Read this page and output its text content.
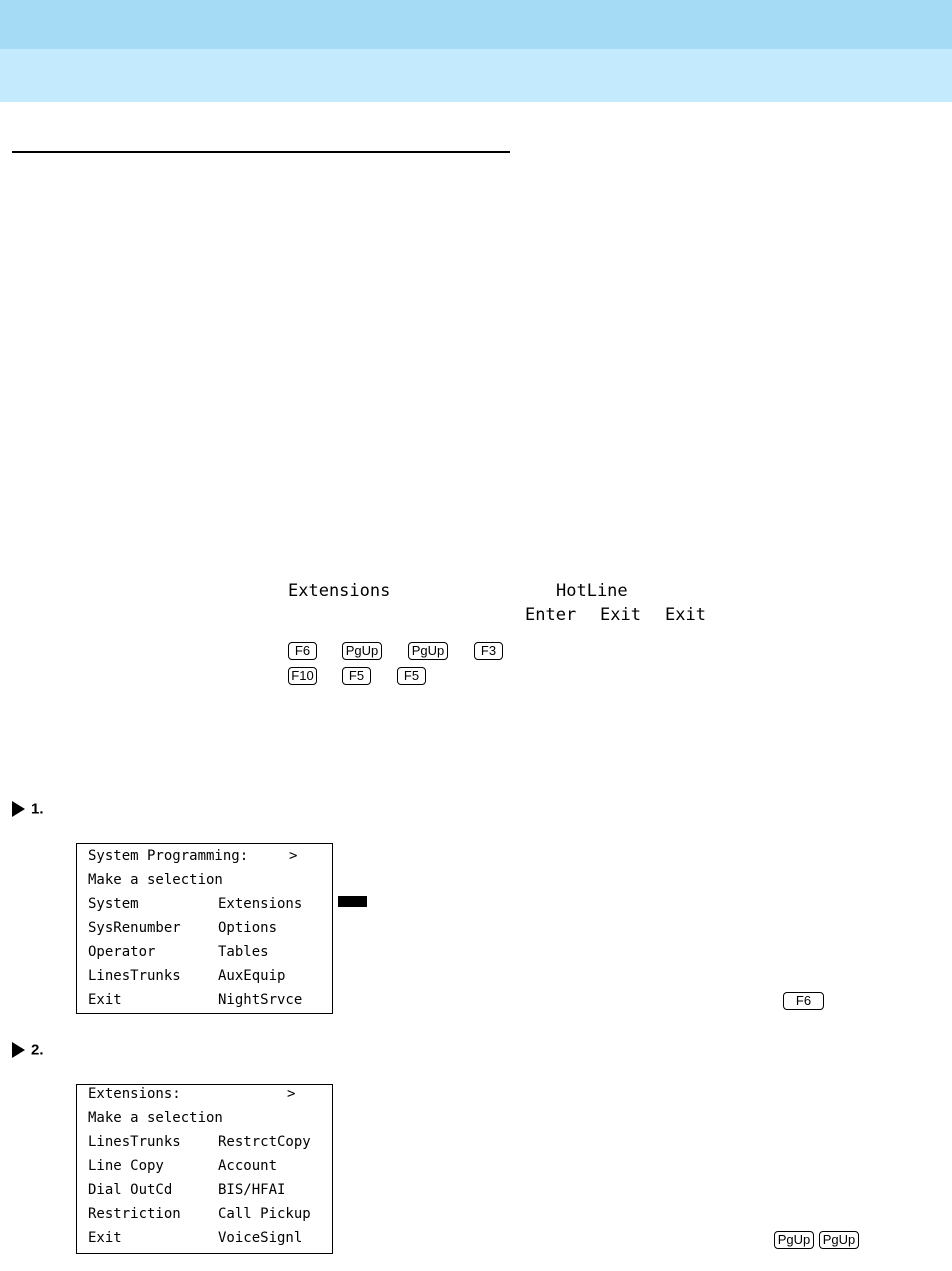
Extensions	HotLine
Enter Exit Exit
F6	PgUp	PgUp	F3
F10	F5	F5
1.
System Programming:	>
Make a selection
System	Extensions
SysRenumber	Options
Operator	Tables
LinesTrunks	AuxEquip
Exit	NightSrvce	F6
2.
Extensions:	>
Make a selection
LinesTrunks	RestrctCopy
Line Copy	Account
Dial OutCd	BIS/HFAI
Restriction	Call Pickup
Exit	VoiceSignl	PgUp PgUp
